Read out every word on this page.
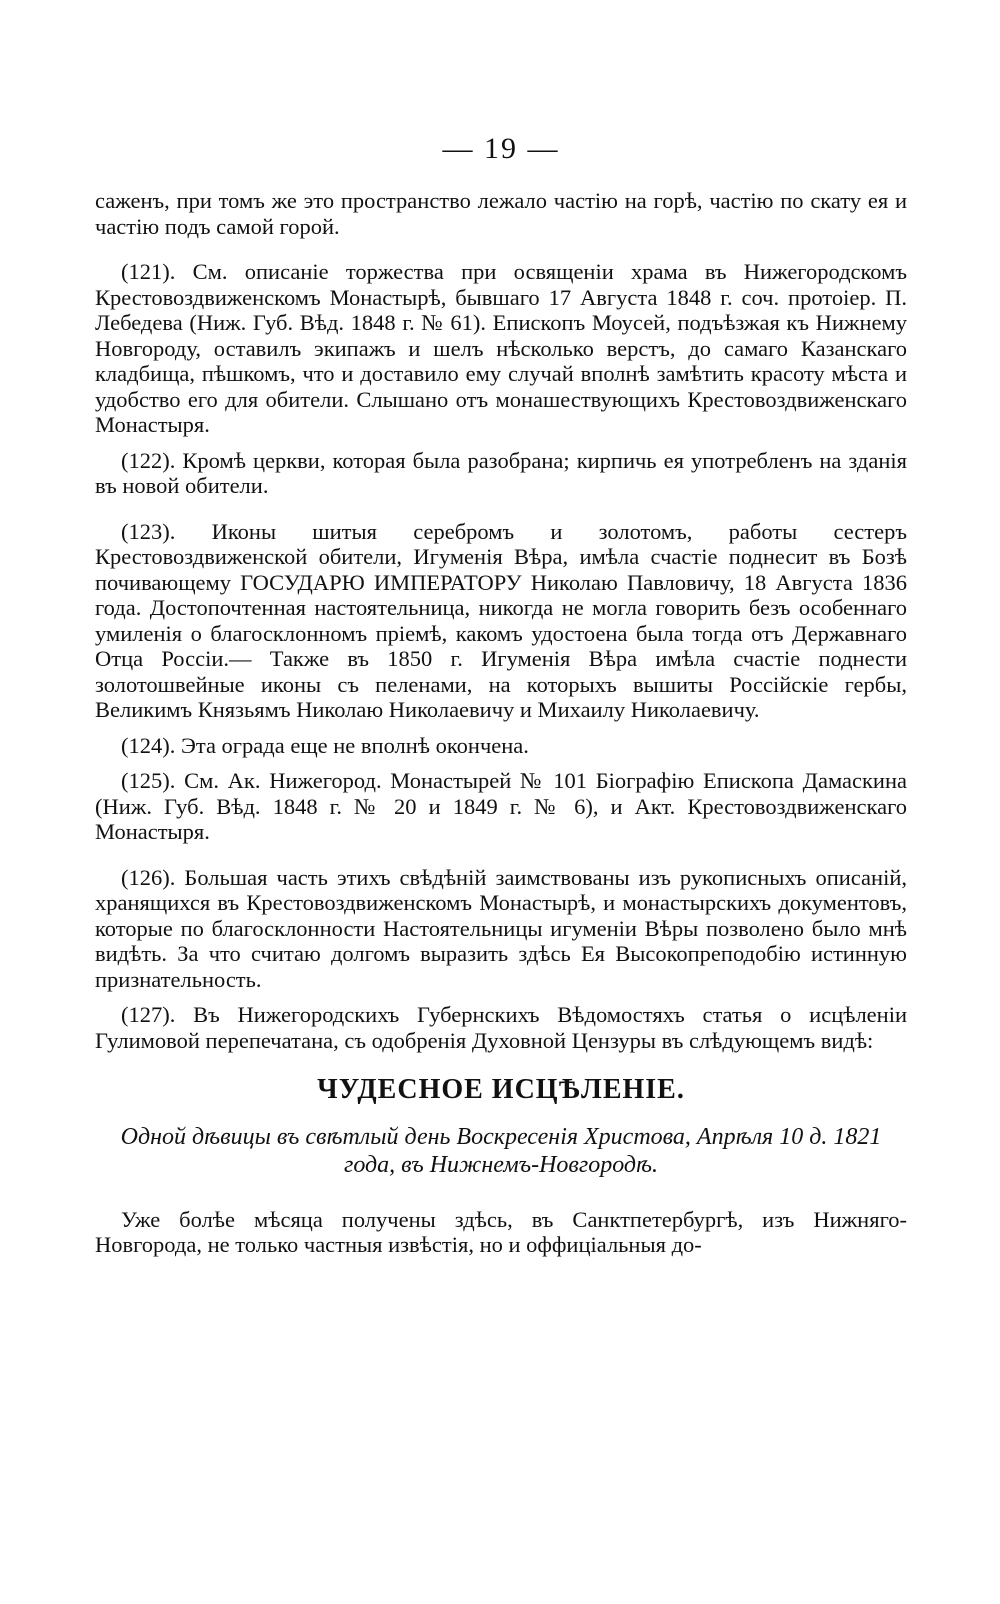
— 19 —

саженъ, при томъ же это пространство лежало частію на горѣ, частію по скату ея и частію подъ самой горой.

(121). См. описаніе торжества при освященіи храма въ Нижегородскомъ Крестовоздвиженскомъ Монастырѣ, бывшаго 17 Августа 1848 г. соч. протоіер. П. Лебедева (Ниж. Губ. Вѣд. 1848 г. № 61). Епископъ Моусей, подъѣзжая къ Нижнему Новгороду, оставилъ экипажъ и шелъ нѣсколько верстъ, до самаго Казанскаго кладбища, пѣшкомъ, что и доставило ему случай вполнѣ замѣтить красоту мѣста и удобство его для обители. Слышано отъ монашествующихъ Крестовоздвиженскаго Монастыря.

(122). Кромѣ церкви, которая была разобрана; кирпичь ея употребленъ на зданія въ новой обители.

(123). Иконы шитыя серебромъ и золотомъ, работы сестеръ Крестовоздвиженской обители, Игуменія Вѣра, имѣла счастіе поднесит въ Бозѣ почивающему ГОСУДАРЮ ИМПЕРАТОРУ Николаю Павловичу, 18 Августа 1836 года. Достопочтенная настоятельница, никогда не могла говорить безъ особеннаго умиленія о благосклонномъ пріемѣ, какомъ удостоена была тогда отъ Державнаго Отца Россіи.— Также въ 1850 г. Игуменія Вѣра имѣла счастіе поднести золотошвейные иконы съ пеленами, на которыхъ вышиты Россійскіе гербы, Великимъ Князьямъ Николаю Николаевичу и Михаилу Николаевичу.

(124). Эта ограда еще не вполнѣ окончена.

(125). См. Ак. Нижегород. Монастырей № 101 Біографію Епископа Дамаскина (Ниж. Губ. Вѣд. 1848 г. № 20 и 1849 г. № 6), и Акт. Крестовоздвиженскаго Монастыря.

(126). Большая часть этихъ свѣдѣній заимствованы изъ рукописныхъ описаній, хранящихся въ Крестовоздвиженскомъ Монастырѣ, и монастырскихъ документовъ, которые по благосклонности Настоятельницы игуменіи Вѣры позволено было мнѣ видѣть. За что считаю долгомъ выразить здѣсь Ея Высокопреподобію истинную признательность.

(127). Въ Нижегородскихъ Губернскихъ Вѣдомостяхъ статья о исцѣленіи Гулимовой перепечатана, съ одобренія Духовной Цензуры въ слѣдующемъ видѣ:

ЧУДЕСНОЕ ИСЦѢЛЕНІЕ.
Одной дѣвицы въ свѣтлый день Воскресенія Христова, Апрѣля 10 д. 1821 года, въ Нижнемъ-Новгородѣ.

Уже болѣе мѣсяца получены здѣсь, въ Санктпетербургѣ, изъ Нижняго-Новгорода, не только частныя извѣстія, но и оффиціальныя до-
